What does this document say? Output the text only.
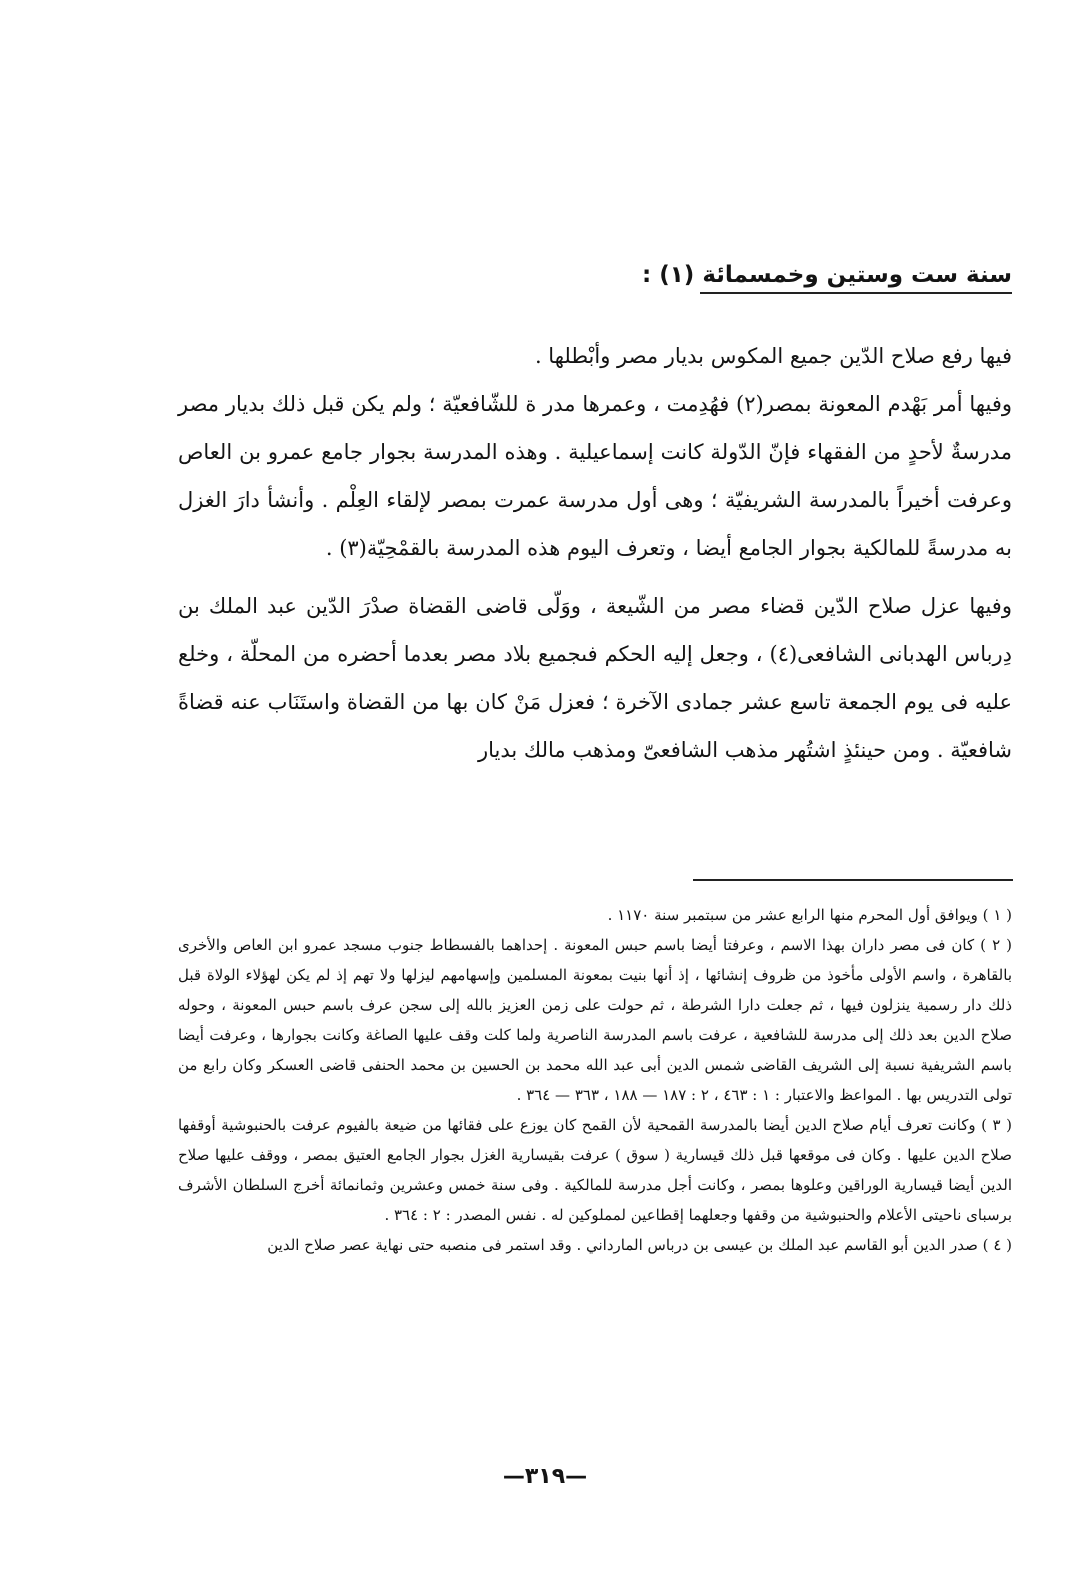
سنة ست وستين وخمسمائة (١) :

فيها رفع صلاح الدّين جميع المكوس بديار مصر وأبْطلها .

وفيها أمر بَهْدم المعونة بمصر(٢) فهُدِمت ، وعمرها مدر ة للشّافعيّة ؛ ولم يكن قبل ذلك بديار مصر مدرسةٌ لأحدٍ من الفقهاء فإنّ الدّولة كانت إسماعيلية . وهذه المدرسة بجوار جامع عمرو بن العاص وعرفت أخيراً بالمدرسة الشريفيّة ؛ وهى أول مدرسة عمرت بمصر لإلقاء العِلْم . وأنشأ دارَ الغزل به مدرسةً للمالكية بجوار الجامع أيضا ، وتعرف اليوم هذه المدرسة بالقمْحِيّة(٣) .

وفيها عزل صلاح الدّين قضاء مصر من الشّيعة ، ووَلّى قاضى القضاة صدْرَ الدّين عبد الملك بن دِرباس الهدبانى الشافعى(٤) ، وجعل إليه الحكم فىجميع بلاد مصر بعدما أحضره من المحلّة ، وخلع عليه فى يوم الجمعة تاسع عشر جمادى الآخرة ؛ فعزل مَنْ كان بها من القضاة واستَنَاب عنه قضاةً شافعيّة . ومن حينئذٍ اشتُهر مذهب الشافعىّ ومذهب مالك بديار

( ١ ) ويوافق أول المحرم منها الرابع عشر من سبتمبر سنة ١١٧٠ .

( ٢ ) كان فى مصر داران بهذا الاسم ، وعرفتا أيضا باسم حبس المعونة . إحداهما بالفسطاط جنوب مسجد عمرو ابن العاص والأخرى بالقاهرة ، واسم الأولى مأخوذ من ظروف إنشائها ، إذ أنها بنيت بمعونة المسلمين وإسهامهم ليزلها ولا تهم إذ لم يكن لهؤلاء الولاة قبل ذلك دار رسمية ينزلون فيها ، ثم جعلت دارا الشرطة ، ثم حولت على زمن العزيز بالله إلى سجن عرف باسم حبس المعونة ، وحوله صلاح الدين بعد ذلك إلى مدرسة للشافعية ، عرفت باسم المدرسة الناصرية ولما كلت وقف عليها الصاغة وكانت بجوارها ، وعرفت أيضا باسم الشريفية نسبة إلى الشريف القاضى شمس الدين أبى عبد الله محمد بن الحسين بن محمد الحنفى قاضى العسكر وكان رابع من تولى التدريس بها . المواعظ والاعتبار : ١ : ٤٦٣ ، ٢ : ١٨٧ — ١٨٨ ، ٣٦٣ — ٣٦٤ .

( ٣ ) وكانت تعرف أيام صلاح الدين أيضا بالمدرسة القمحية لأن القمح كان يوزع على فقائها من ضيعة بالفيوم عرفت بالحنبوشية أوقفها صلاح الدين عليها . وكان فى موقعها قبل ذلك قيسارية ( سوق ) عرفت بقيسارية الغزل بجوار الجامع العتيق بمصر ، ووقف عليها صلاح الدين أيضا قيسارية الوراقين وعلوها بمصر ، وكانت أجل مدرسة للمالكية . وفى سنة خمس وعشرين وثمانمائة أخرج السلطان الأشرف برسباى ناحيتى الأعلام والحنبوشية من وقفها وجعلهما إقطاعين لمملوكين له . نفس المصدر : ٢ : ٣٦٤ .

( ٤ ) صدر الدين أبو القاسم عبد الملك بن عيسى بن درباس المارداني . وقد استمر فى منصبه حتى نهاية عصر صلاح الدين

—٣١٩—
